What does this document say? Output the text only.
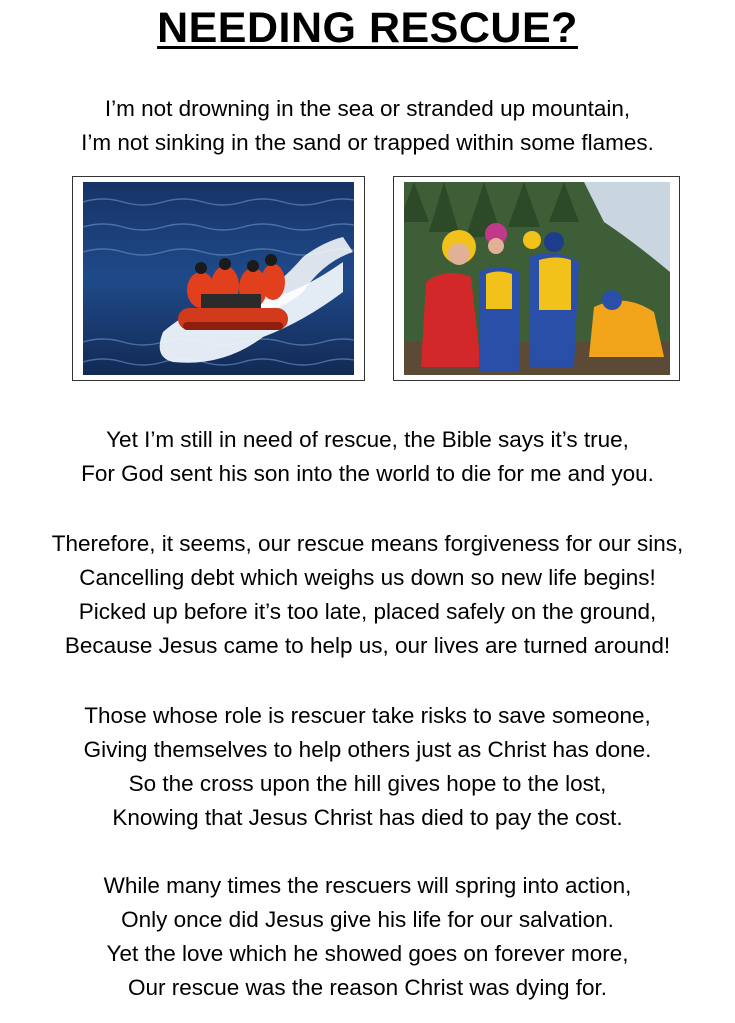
NEEDING RESCUE?
I’m not drowning in the sea or stranded up mountain,
I’m not sinking in the sand or trapped within some flames.
Yet I’m still in need of rescue, the Bible says it’s true,
For God sent his son into the world to die for me and you.
Therefore, it seems, our rescue means forgiveness for our sins,
Cancelling debt which weighs us down so new life begins!
Picked up before it’s too late, placed safely on the ground,
Because Jesus came to help us, our lives are turned around!
Those whose role is rescuer take risks to save someone,
Giving themselves to help others just as Christ has done.
So the cross upon the hill gives hope to the lost,
Knowing that Jesus Christ has died to pay the cost.
While many times the rescuers will spring into action,
Only once did Jesus give his life for our salvation.
Yet the love which he showed goes on forever more,
Our rescue was the reason Christ was dying for.
